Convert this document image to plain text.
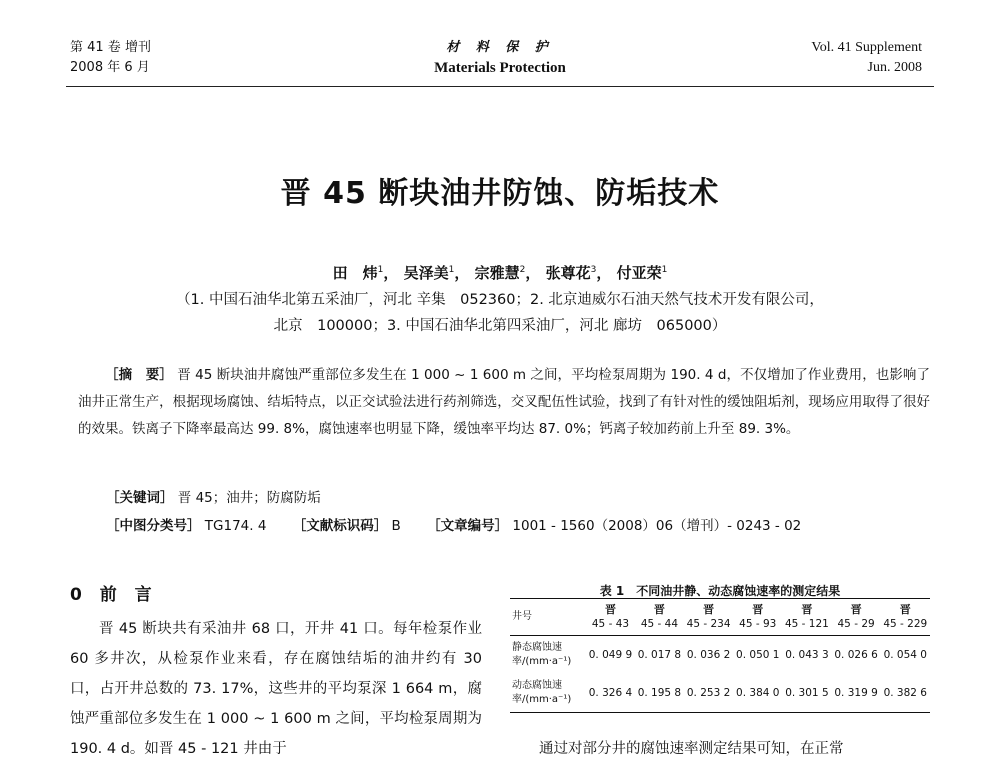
第 41 卷 增刊
2008 年 6 月
材 料 保 护
Materials Protection
Vol. 41 Supplement
Jun. 2008
晋 45 断块油井防蚀、防垢技术
田　炜$^1$， 吴泽美$^1$， 宗雅慧$^2$， 张尊花$^3$， 付亚荣$^1$
（1. 中国石油华北第五采油厂，河北 辛集　052360；2. 北京迪威尔石油天然气技术开发有限公司，
北京　100000；3. 中国石油华北第四采油厂，河北 廊坊　065000）
［摘　要］ 晋 45 断块油井腐蚀严重部位多发生在 1 000 ~ 1 600 m 之间，平均检泵周期为 190. 4 d，不仅增加了作业费用，也影响了油井正常生产，根据现场腐蚀、结垢特点，以正交试验法进行药剂筛选，交叉配伍性试验，找到了有针对性的缓蚀阻垢剂，现场应用取得了很好的效果。铁离子下降率最高达 99. 8%，腐蚀速率也明显下降，缓蚀率平均达 87. 0%；钙离子较加药前上升至 89. 3%。
［关键词］ 晋 45；油井；防腐防垢
［中图分类号］ TG174. 4 ［文献标识码］ B ［文章编号］ 1001 - 1560（2008）06（增刊）- 0243 - 02
0 前 言
晋 45 断块共有采油井 68 口，开井 41 口。每年检泵作业 60 多井次，从检泵作业来看，存在腐蚀结垢的油井约有 30 口，占开井总数的 73. 17%，这些井的平均泵深 1 664 m，腐蚀严重部位多发生在 1 000 ~ 1 600 m 之间，平均检泵周期为 190. 4 d。如晋 45 - 121 井由于
表 1　不同油井静、动态腐蚀速率的测定结果
井号	晋
45 - 43	晋
45 - 44	晋
45 - 234	晋
45 - 93	晋
45 - 121	晋
45 - 29	晋
45 - 229
静态腐蚀速率/(mm·a⁻¹)	0. 049 9	0. 017 8	0. 036 2	0. 050 1	0. 043 3	0. 026 6	0. 054 0
动态腐蚀速率/(mm·a⁻¹)	0. 326 4	0. 195 8	0. 253 2	0. 384 0	0. 301 5	0. 319 9	0. 382 6
通过对部分井的腐蚀速率测定结果可知，在正常
